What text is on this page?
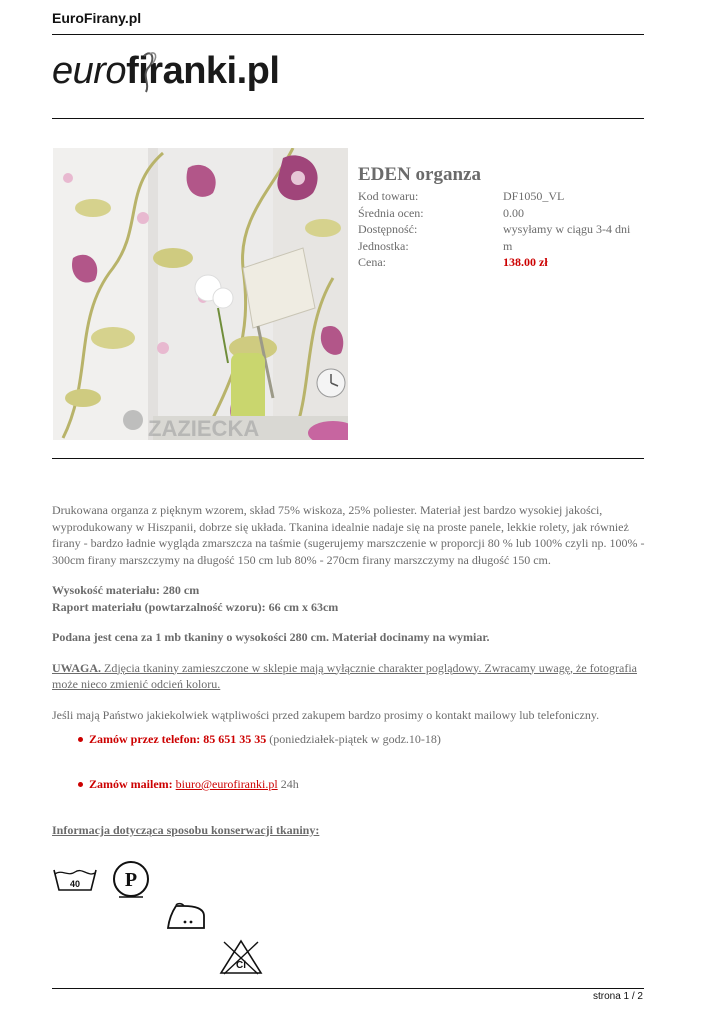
EuroFirany.pl
eurofiranki.pl
ZAZIECKA
EDEN organza
Kod towaru:	DF1050_VL
Średnia ocen:	0.00
Dostępność:	wysyłamy w ciągu 3-4 dni
Jednostka:	m
Cena:	138.00 zł

Drukowana organza z pięknym wzorem, skład 75% wiskoza, 25% poliester. Materiał jest bardzo wysokiej jakości, wyprodukowany w Hiszpanii, dobrze się układa. Tkanina idealnie nadaje się na proste panele, lekkie rolety, jak również firany - bardzo ładnie wygląda zmarszcza na taśmie (sugerujemy marszczenie w proporcji 80 % lub 100% czyli np. 100% - 300cm firany marszczymy na długość 150 cm lub 80% - 270cm firany marszczymy na długość 150 cm.

Wysokość materiału: 280 cm

Raport materiału (powtarzalność wzoru): 66 cm x 63cm

Podana jest cena za 1 mb tkaniny o wysokości 280 cm. Materiał docinamy na wymiar.

UWAGA. Zdjęcia tkaniny zamieszczone w sklepie mają wyłącznie charakter poglądowy. Zwracamy uwagę, że fotografia może nieco zmienić odcień koloru.

Jeśli mają Państwo jakiekolwiek wątpliwości przed zakupem bardzo prosimy o kontakt mailowy lub telefoniczny.

Zamów przez telefon: 85 651 35 35 (poniedziałek-piątek w godz.10-18)
Zamów mailem: biuro@eurofiranki.pl 24h
Informacja dotycząca sposobu konserwacji tkaniny:
40 P
Cl
strona 1 / 2
